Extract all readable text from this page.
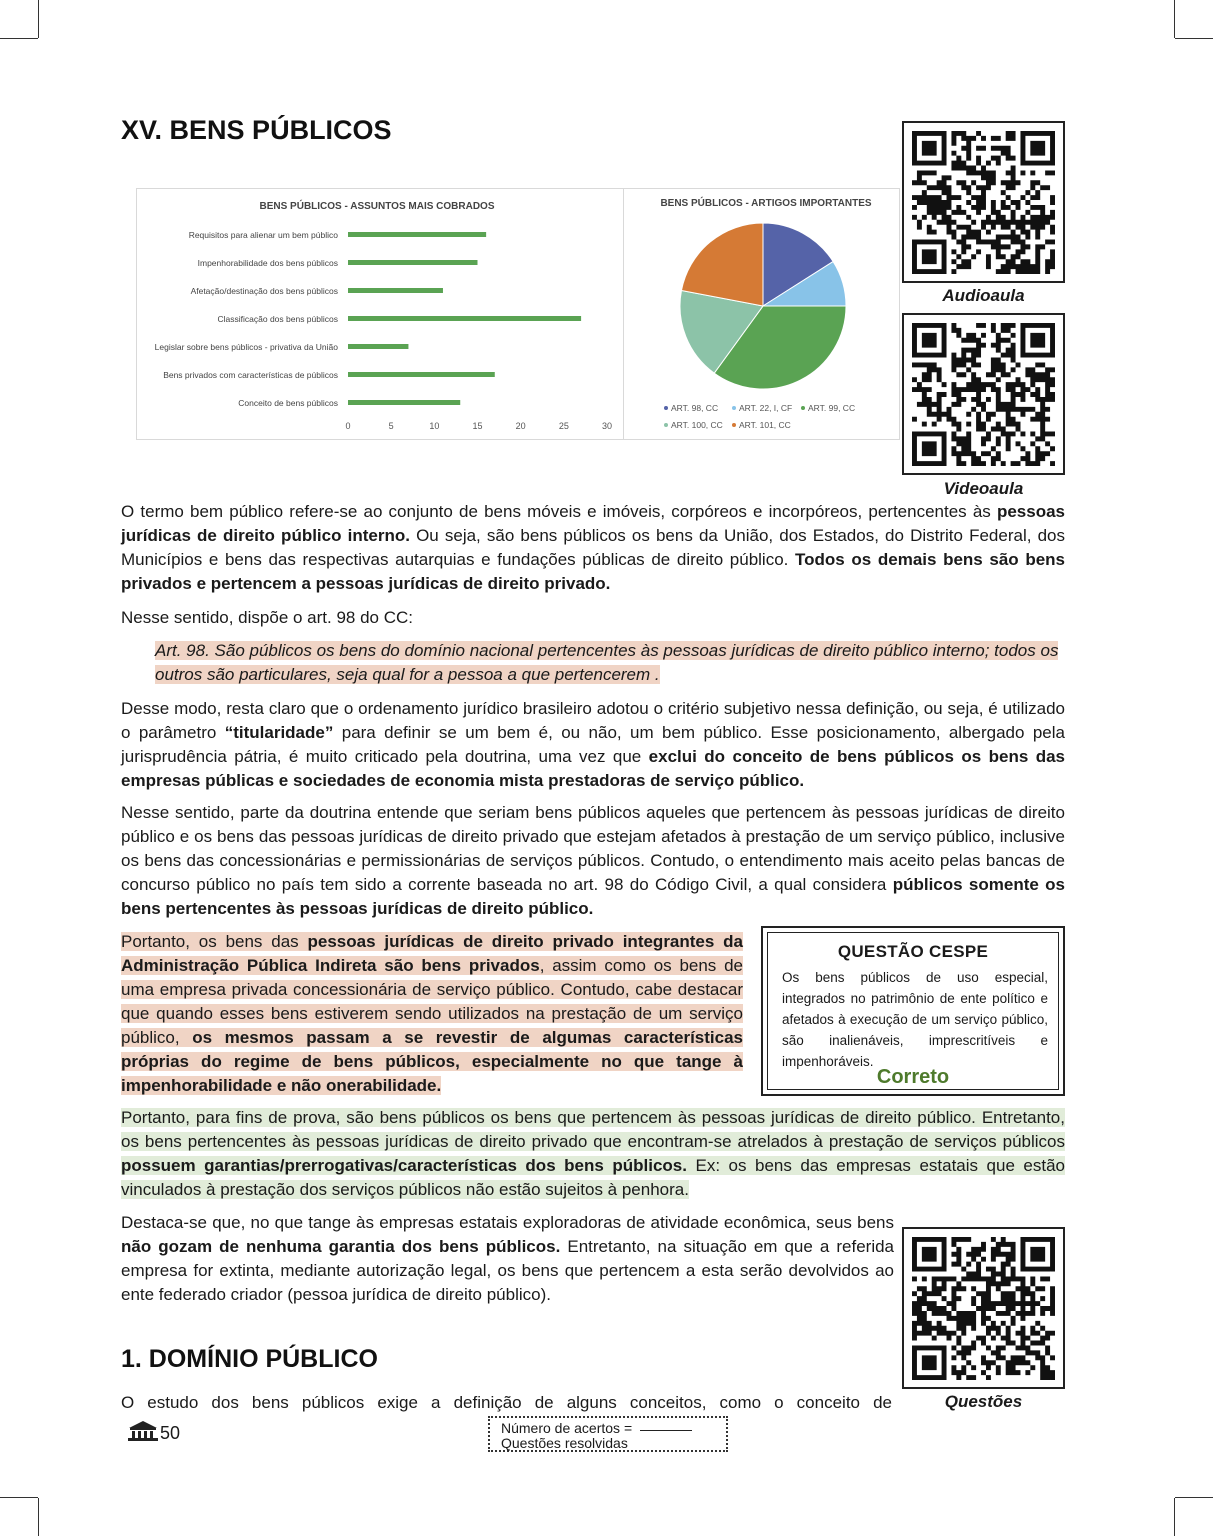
XV. BENS PÚBLICOS
BENS PÚBLICOS - ASSUNTOS MAIS COBRADOS
Requisitos para alienar um bem público
Impenhorabilidade dos bens públicos
Afetação/destinação dos bens públicos
Classificação dos bens públicos
Legislar sobre bens públicos - privativa da União
Bens privados com características de públicos
Conceito de bens públicos
0	5	10	15	20	25	30
BENS PÚBLICOS - ARTIGOS IMPORTANTES
ART. 98, CC ART. 22, I, CF ART. 99, CC
ART. 100, CC ART. 101, CC
Audioaula
Videoaula

O termo bem público refere-se ao conjunto de bens móveis e imóveis, corpóreos e incorpóreos, pertencentes às pessoas jurídicas de direito público interno. Ou seja, são bens públicos os bens da União, dos Estados, do Distrito Federal, dos Municípios e bens das respectivas autarquias e fundações públicas de direito público. Todos os demais bens são bens privados e pertencem a pessoas jurídicas de direito privado.

Nesse sentido, dispõe o art. 98 do CC:

Art. 98. São públicos os bens do domínio nacional pertencentes às pessoas jurídicas de direito público interno; todos os outros são particulares, seja qual for a pessoa a que pertencerem .

Desse modo, resta claro que o ordenamento jurídico brasileiro adotou o critério subjetivo nessa definição, ou seja, é utilizado o parâmetro “titularidade” para definir se um bem é, ou não, um bem público. Esse posicionamento, albergado pela jurisprudência pátria, é muito criticado pela doutrina, uma vez que exclui do conceito de bens públicos os bens das empresas públicas e sociedades de economia mista prestadoras de serviço público.

Nesse sentido, parte da doutrina entende que seriam bens públicos aqueles que pertencem às pessoas jurídicas de direito público e os bens das pessoas jurídicas de direito privado que estejam afetados à prestação de um serviço público, inclusive os bens das concessionárias e permissionárias de serviços públicos. Contudo, o entendimento mais aceito pelas bancas de concurso público no país tem sido a corrente baseada no art. 98 do Código Civil, a qual considera públicos somente os bens pertencentes às pessoas jurídicas de direito público.

Portanto, os bens das pessoas jurídicas de direito privado integrantes da Administração Pública Indireta são bens privados, assim como os bens de uma empresa privada concessionária de serviço público. Contudo, cabe destacar que quando esses bens estiverem sendo utilizados na prestação de um serviço público, os mesmos passam a se revestir de algumas características próprias do regime de bens públicos, especialmente no que tange à impenhorabilidade e não onerabilidade.

QUESTÃO CESPE
Os bens públicos de uso especial, integrados no patrimônio de ente político e afetados à execução de um serviço público, são inalienáveis, imprescritíveis e impenhoráveis.
Correto

Portanto, para fins de prova, são bens públicos os bens que pertencem às pessoas jurídicas de direito público. Entretanto, os bens pertencentes às pessoas jurídicas de direito privado que encontram-se atrelados à prestação de serviços públicos possuem garantias/prerrogativas/características dos bens públicos. Ex: os bens das empresas estatais que estão vinculados à prestação dos serviços públicos não estão sujeitos à penhora.

Destaca-se que, no que tange às empresas estatais exploradoras de atividade econômica, seus bens não gozam de nenhuma garantia dos bens públicos. Entretanto, na situação em que a referida empresa for extinta, mediante autorização legal, os bens que pertencem a esta serão devolvidos ao ente federado criador (pessoa jurídica de direito público).

Questões
1. DOMÍNIO PÚBLICO

O estudo dos bens públicos exige a definição de alguns conceitos, como o conceito de

50	Número de acertos =
Questões resolvidas
